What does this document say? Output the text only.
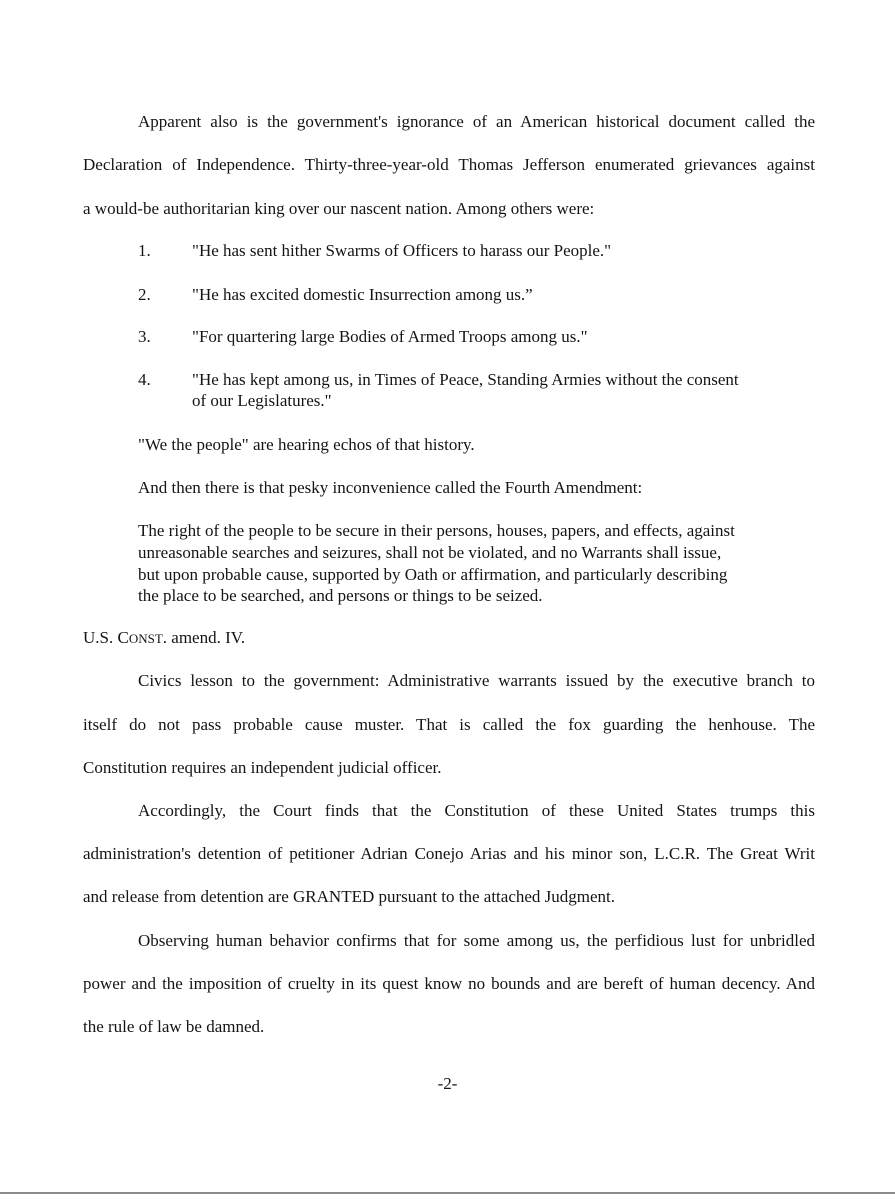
Apparent also is the government's ignorance of an American historical document called the
Declaration of Independence. Thirty-three-year-old Thomas Jefferson enumerated grievances against
a would-be authoritarian king over our nascent nation. Among others were:
1. "He has sent hither Swarms of Officers to harass our People."
2. "He has excited domestic Insurrection among us.”
3. "For quartering large Bodies of Armed Troops among us."
4. "He has kept among us, in Times of Peace, Standing Armies without the consent
of our Legislatures."
"We the people" are hearing echos of that history.
And then there is that pesky inconvenience called the Fourth Amendment:
The right of the people to be secure in their persons, houses, papers, and effects, against
unreasonable searches and seizures, shall not be violated, and no Warrants shall issue,
but upon probable cause, supported by Oath or affirmation, and particularly describing
the place to be searched, and persons or things to be seized.
U.S. CONST. amend. IV.
Civics lesson to the government: Administrative warrants issued by the executive branch to
itself do not pass probable cause muster. That is called the fox guarding the henhouse. The
Constitution requires an independent judicial officer.
Accordingly, the Court finds that the Constitution of these United States trumps this
administration's detention of petitioner Adrian Conejo Arias and his minor son, L.C.R. The Great Writ
and release from detention are GRANTED pursuant to the attached Judgment.
Observing human behavior confirms that for some among us, the perfidious lust for unbridled
power and the imposition of cruelty in its quest know no bounds and are bereft of human decency. And
the rule of law be damned.
-2-
